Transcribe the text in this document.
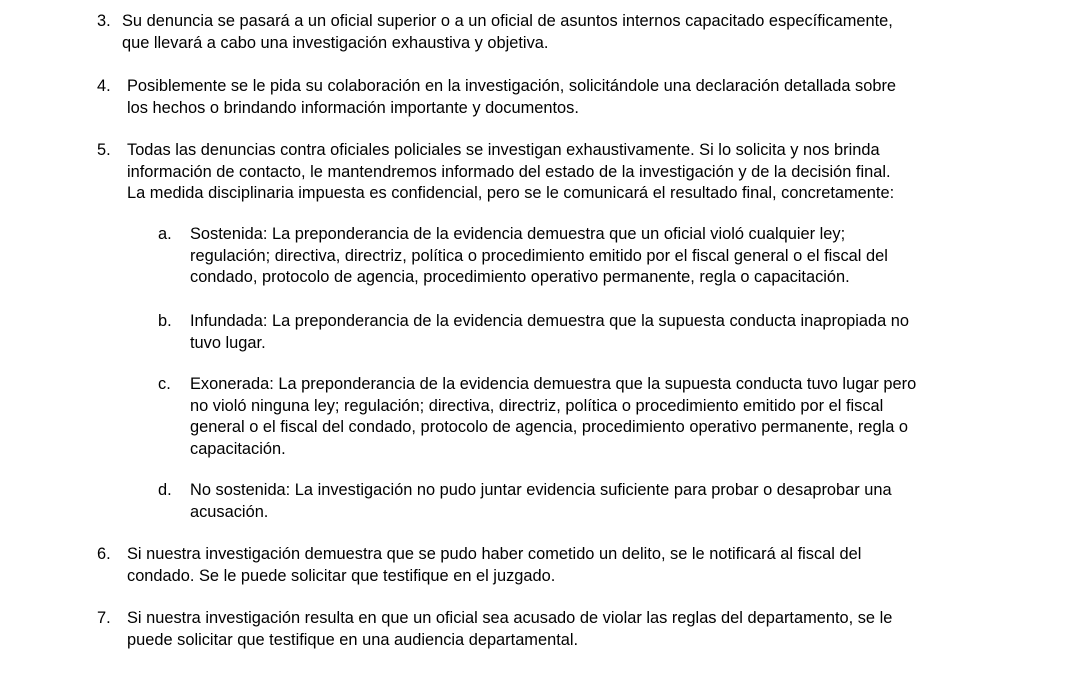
3. Su denuncia se pasará a un oficial superior o a un oficial de asuntos internos capacitado específicamente,
que llevará a cabo una investigación exhaustiva y objetiva.
4. Posiblemente se le pida su colaboración en la investigación, solicitándole una declaración detallada sobre
los hechos o brindando información importante y documentos.
5. Todas las denuncias contra oficiales policiales se investigan exhaustivamente. Si lo solicita y nos brinda
información de contacto, le mantendremos informado del estado de la investigación y de la decisión final.
La medida disciplinaria impuesta es confidencial, pero se le comunicará el resultado final, concretamente:
a. Sostenida: La preponderancia de la evidencia demuestra que un oficial violó cualquier ley;
regulación; directiva, directriz, política o procedimiento emitido por el fiscal general o el fiscal del
condado, protocolo de agencia, procedimiento operativo permanente, regla o capacitación.
b. Infundada: La preponderancia de la evidencia demuestra que la supuesta conducta inapropiada no
tuvo lugar.
c. Exonerada: La preponderancia de la evidencia demuestra que la supuesta conducta tuvo lugar pero
no violó ninguna ley; regulación; directiva, directriz, política o procedimiento emitido por el fiscal
general o el fiscal del condado, protocolo de agencia, procedimiento operativo permanente, regla o
capacitación.
d. No sostenida: La investigación no pudo juntar evidencia suficiente para probar o desaprobar una
acusación.
6. Si nuestra investigación demuestra que se pudo haber cometido un delito, se le notificará al fiscal del
condado. Se le puede solicitar que testifique en el juzgado.
7. Si nuestra investigación resulta en que un oficial sea acusado de violar las reglas del departamento, se le
puede solicitar que testifique en una audiencia departamental.
